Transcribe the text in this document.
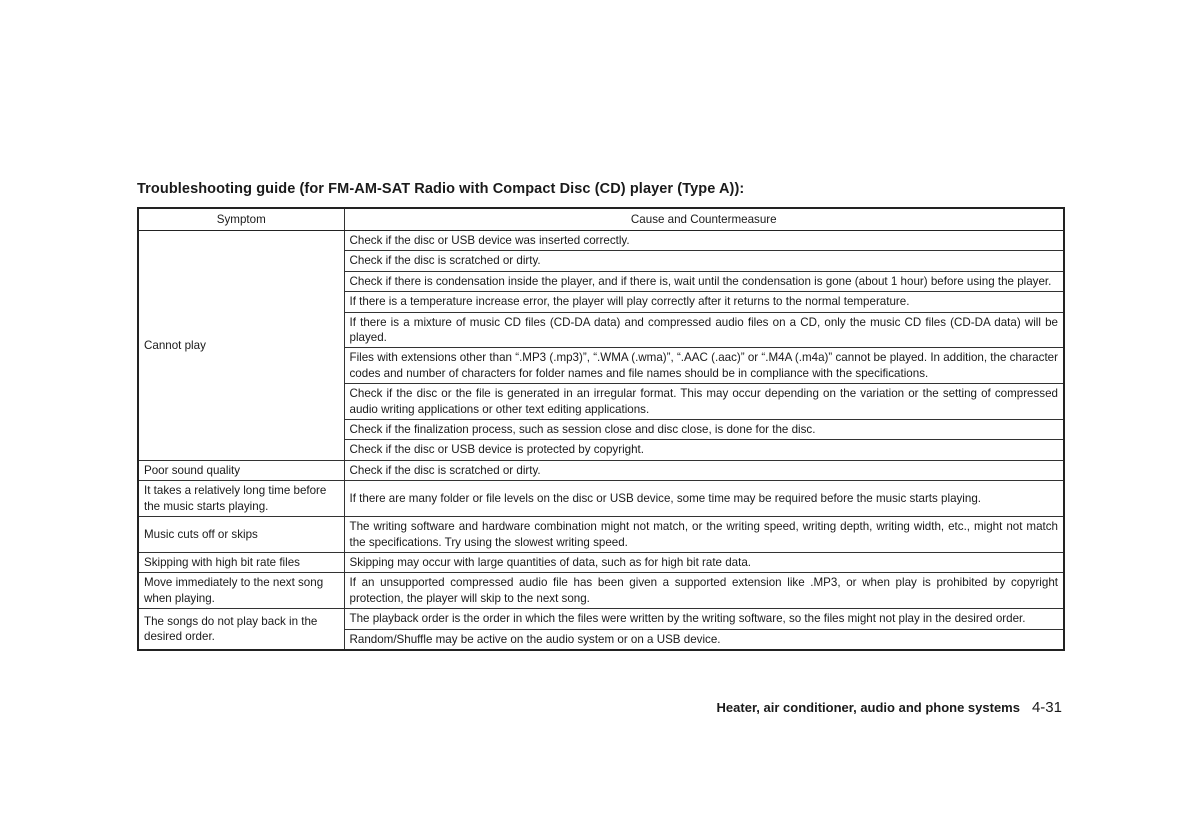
Troubleshooting guide (for FM-AM-SAT Radio with Compact Disc (CD) player (Type A)):
Symptom	Cause and Countermeasure
Cannot play	Check if the disc or USB device was inserted correctly.
	Check if the disc is scratched or dirty.
	Check if there is condensation inside the player, and if there is, wait until the condensation is gone (about 1 hour) before using the player.
	If there is a temperature increase error, the player will play correctly after it returns to the normal temperature.
	If there is a mixture of music CD files (CD-DA data) and compressed audio files on a CD, only the music CD files (CD-DA data) will be played.
	Files with extensions other than “.MP3 (.mp3)”, “.WMA (.wma)”, “.AAC (.aac)” or “.M4A (.m4a)” cannot be played. In addition, the character codes and number of characters for folder names and file names should be in compliance with the specifications.
	Check if the disc or the file is generated in an irregular format. This may occur depending on the variation or the setting of compressed audio writing applications or other text editing applications.
	Check if the finalization process, such as session close and disc close, is done for the disc.
	Check if the disc or USB device is protected by copyright.
Poor sound quality	Check if the disc is scratched or dirty.
It takes a relatively long time before the music starts playing.	If there are many folder or file levels on the disc or USB device, some time may be required before the music starts playing.
Music cuts off or skips	The writing software and hardware combination might not match, or the writing speed, writing depth, writing width, etc., might not match the specifications. Try using the slowest writing speed.
Skipping with high bit rate files	Skipping may occur with large quantities of data, such as for high bit rate data.
Move immediately to the next song when playing.	If an unsupported compressed audio file has been given a supported extension like .MP3, or when play is prohibited by copyright protection, the player will skip to the next song.
The songs do not play back in the desired order.	The playback order is the order in which the files were written by the writing software, so the files might not play in the desired order.
	Random/Shuffle may be active on the audio system or on a USB device.
Heater, air conditioner, audio and phone systems 4-31
